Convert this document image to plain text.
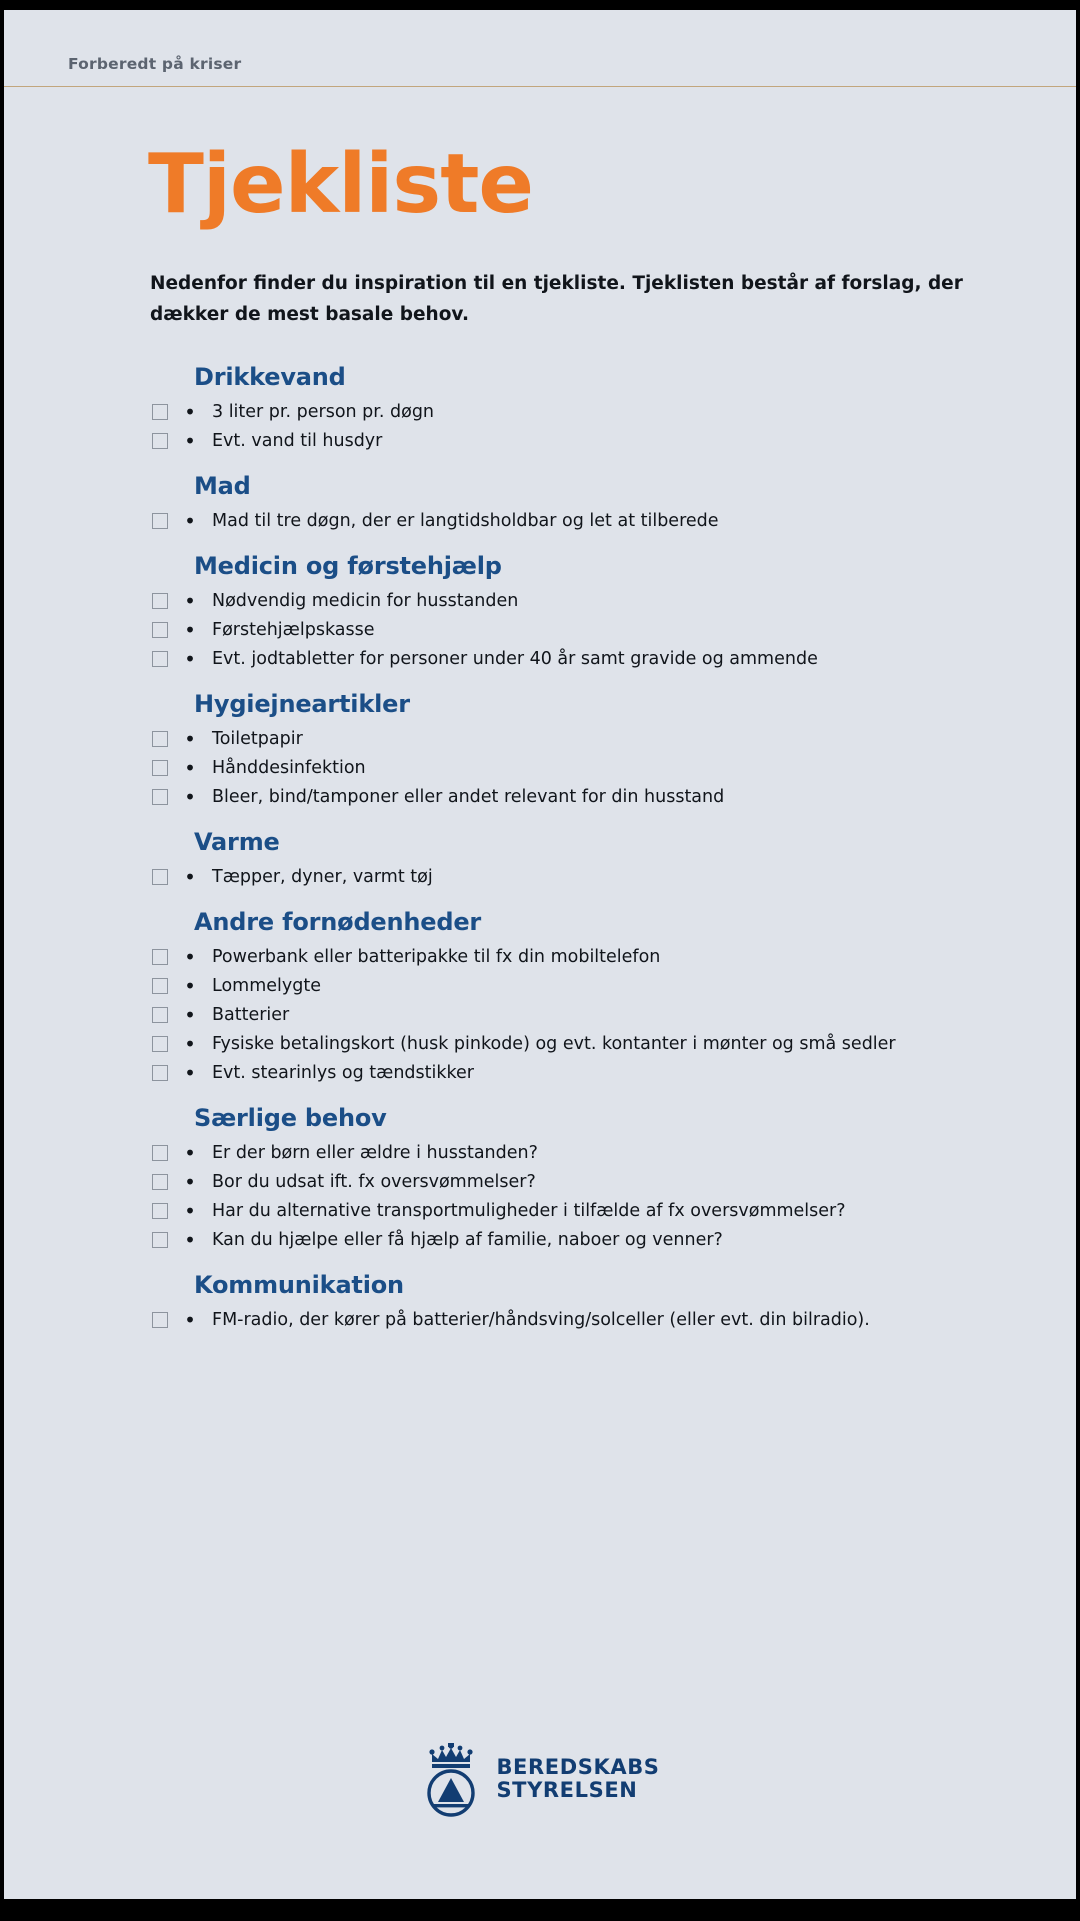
Forberedt på kriser
Tjekliste
Nedenfor finder du inspiration til en tjekliste. Tjeklisten består af forslag, der dækker de mest basale behov.
Drikkevand
• 3 liter pr. person pr. døgn
• Evt. vand til husdyr
Mad
• Mad til tre døgn, der er langtidsholdbar og let at tilberede
Medicin og førstehjælp
• Nødvendig medicin for husstanden
• Førstehjælpskasse
• Evt. jodtabletter for personer under 40 år samt gravide og ammende
Hygiejneartikler
• Toiletpapir
• Hånddesinfektion
• Bleer, bind/tamponer eller andet relevant for din husstand
Varme
• Tæpper, dyner, varmt tøj
Andre fornødenheder
• Powerbank eller batteripakke til fx din mobiltelefon
• Lommelygte
• Batterier
• Fysiske betalingskort (husk pinkode) og evt. kontanter i mønter og små sedler
• Evt. stearinlys og tændstikker
Særlige behov
• Er der børn eller ældre i husstanden?
• Bor du udsat ift. fx oversvømmelser?
• Har du alternative transportmuligheder i tilfælde af fx oversvømmelser?
• Kan du hjælpe eller få hjælp af familie, naboer og venner?
Kommunikation
• FM-radio, der kører på batterier/håndsving/solceller (eller evt. din bilradio).
BEREDSKABS
STYRELSEN
